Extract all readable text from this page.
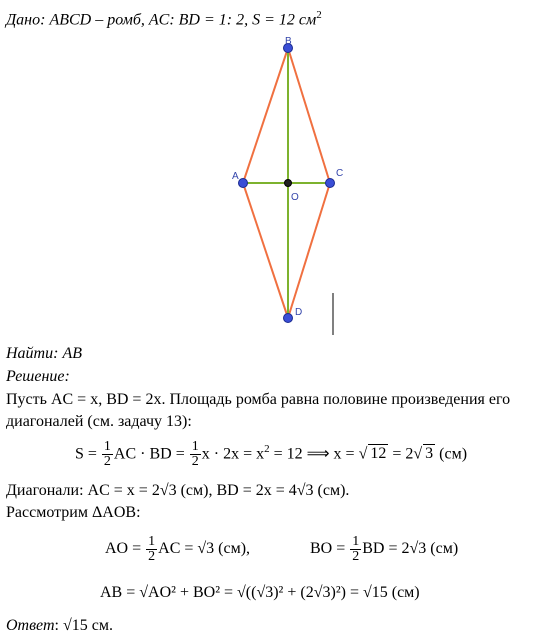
Дано: ABCD – ромб, AC: BD = 1: 2, S = 12 $см^2$
B
A	C
D
O
Найти: AB
Решение:
Пусть AC = x, BD = 2x. Площадь ромба равна половине произведения его
диагоналей (см. задачу 13):
$S = \frac{1}{2}$ AC · BD = $\frac{1}{2}$ $x \cdot 2x = x^2 = 12$ ⟹ x = √ 12 = 2√ 3 (см)
Диагонали: AC = x = 2√3 (см), BD = 2x = 4√3 (см).
Рассмотрим ΔAOB:
AO = $\frac{1}{2}$ AC = √3 (см),	BO = $\frac{1}{2}$ BD = 2√3 (см)
AB = √AO² + BO² = √((√3)² + (2√3)²) = √15 (см)
Ответ: √15 см.
